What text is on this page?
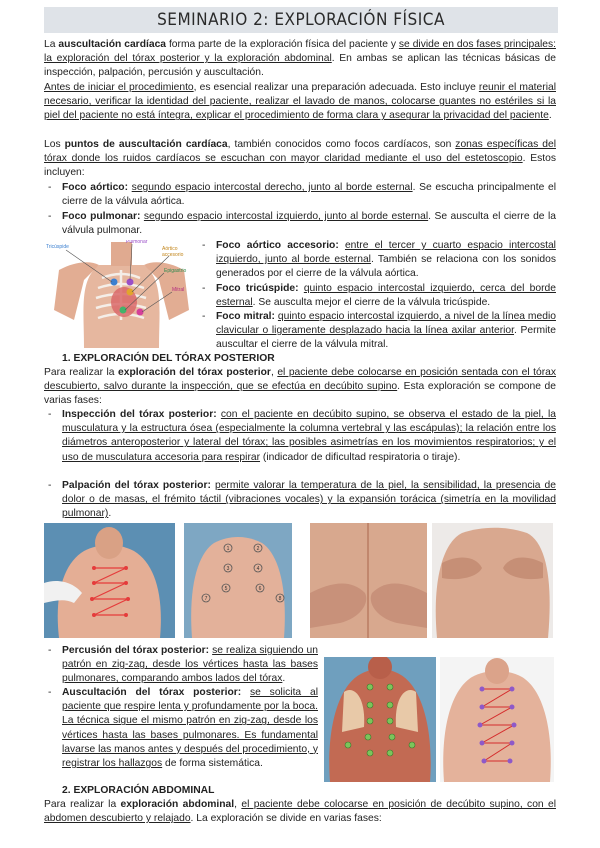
SEMINARIO 2: EXPLORACIÓN FÍSICA
La auscultación cardíaca forma parte de la exploración física del paciente y se divide en dos fases principales: la exploración del tórax posterior y la exploración abdominal. En ambas se aplican las técnicas básicas de inspección, palpación, percusión y auscultación.
Antes de iniciar el procedimiento, es esencial realizar una preparación adecuada. Esto incluye reunir el material necesario, verificar la identidad del paciente, realizar el lavado de manos, colocarse guantes no estériles si la piel del paciente no está íntegra, explicar el procedimiento de forma clara y asegurar la privacidad del paciente.
Los puntos de auscultación cardíaca, también conocidos como focos cardíacos, son zonas específicas del tórax donde los ruidos cardíacos se escuchan con mayor claridad mediante el uso del estetoscopio. Estos incluyen:
- Foco aórtico: segundo espacio intercostal derecho, junto al borde esternal. Se escucha principalmente el cierre de la válvula aórtica.
- Foco pulmonar: segundo espacio intercostal izquierdo, junto al borde esternal. Se ausculta el cierre de la válvula pulmonar.
Tricúspide
Pulmonar
Aórtico accesorio
Epigastrio
Mitral
- Foco aórtico accesorio: entre el tercer y cuarto espacio intercostal izquierdo, junto al borde esternal. También se relaciona con los sonidos generados por el cierre de la válvula aórtica.
- Foco tricúspide: quinto espacio intercostal izquierdo, cerca del borde esternal. Se ausculta mejor el cierre de la válvula tricúspide.
- Foco mitral: quinto espacio intercostal izquierdo, a nivel de la línea medio clavicular o ligeramente desplazado hacia la línea axilar anterior. Permite auscultar el cierre de la válvula mitral.
1. EXPLORACIÓN DEL TÓRAX POSTERIOR
Para realizar la exploración del tórax posterior, el paciente debe colocarse en posición sentada con el tórax descubierto, salvo durante la inspección, que se efectúa en decúbito supino. Esta exploración se compone de varias fases:
- Inspección del tórax posterior: con el paciente en decúbito supino, se observa el estado de la piel, la musculatura y la estructura ósea (especialmente la columna vertebral y las escápulas); la relación entre los diámetros anteroposterior y lateral del tórax; las posibles asimetrías en los movimientos respiratorios; y el uso de musculatura accesoria para respirar (indicador de dificultad respiratoria o tiraje).
- Palpación del tórax posterior: permite valorar la temperatura de la piel, la sensibilidad, la presencia de dolor o de masas, el frémito táctil (vibraciones vocales) y la expansión torácica (simetría en la movilidad pulmonar).
1	2
3	4
5	6
7	8
- Percusión del tórax posterior: se realiza siguiendo un patrón en zig-zag, desde los vértices hasta las bases pulmonares, comparando ambos lados del tórax.
- Auscultación del tórax posterior: se solicita al paciente que respire lenta y profundamente por la boca. La técnica sigue el mismo patrón en zig-zag, desde los vértices hasta las bases pulmonares. Es fundamental lavarse las manos antes y después del procedimiento, y registrar los hallazgos de forma sistemática.
2. EXPLORACIÓN ABDOMINAL
Para realizar la exploración abdominal, el paciente debe colocarse en posición de decúbito supino, con el abdomen descubierto y relajado. La exploración se divide en varias fases:
